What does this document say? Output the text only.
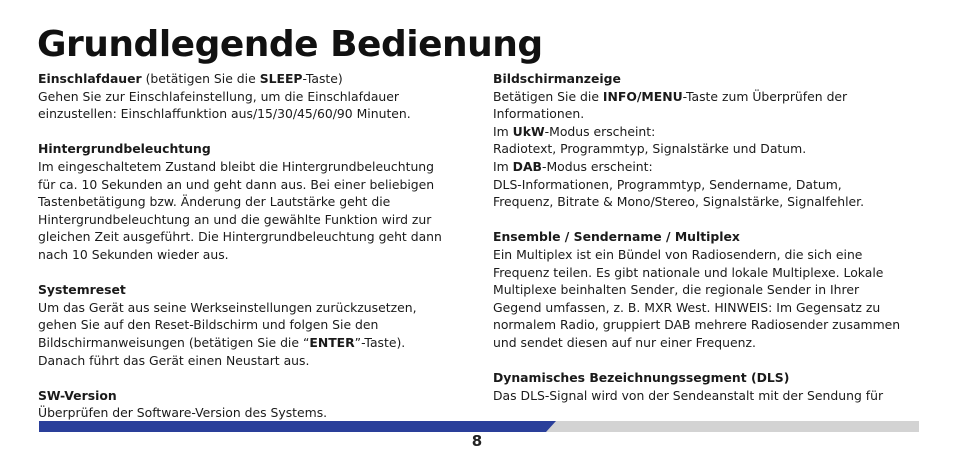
Grundlegende Bedienung
Einschlafdauer (betätigen Sie die SLEEP-Taste)
Gehen Sie zur Einschlafeinstellung, um die Einschlafdauer
einzustellen: Einschlaffunktion aus/15/30/45/60/90 Minuten.
Hintergrundbeleuchtung
Im eingeschaltetem Zustand bleibt die Hintergrundbeleuchtung
für ca. 10 Sekunden an und geht dann aus. Bei einer beliebigen
Tastenbetätigung bzw. Änderung der Lautstärke geht die
Hintergrundbeleuchtung an und die gewählte Funktion wird zur
gleichen Zeit ausgeführt. Die Hintergrundbeleuchtung geht dann
nach 10 Sekunden wieder aus.
Systemreset
Um das Gerät aus seine Werkseinstellungen zurückzusetzen,
gehen Sie auf den Reset-Bildschirm und folgen Sie den
Bildschirmanweisungen (betätigen Sie die “ENTER”-Taste).
Danach führt das Gerät einen Neustart aus.
SW-Version
Überprüfen der Software-Version des Systems.
Bildschirmanzeige
Betätigen Sie die INFO/MENU-Taste zum Überprüfen der
Informationen.
Im UkW-Modus erscheint:
Radiotext, Programmtyp, Signalstärke und Datum.
Im DAB-Modus erscheint:
DLS-Informationen, Programmtyp, Sendername, Datum,
Frequenz, Bitrate & Mono/Stereo, Signalstärke, Signalfehler.
Ensemble / Sendername / Multiplex
Ein Multiplex ist ein Bündel von Radiosendern, die sich eine
Frequenz teilen. Es gibt nationale und lokale Multiplexe. Lokale
Multiplexe beinhalten Sender, die regionale Sender in Ihrer
Gegend umfassen, z. B. MXR West. HINWEIS: Im Gegensatz zu
normalem Radio, gruppiert DAB mehrere Radiosender zusammen
und sendet diesen auf nur einer Frequenz.
Dynamisches Bezeichnungssegment (DLS)
Das DLS-Signal wird von der Sendeanstalt mit der Sendung für
8
